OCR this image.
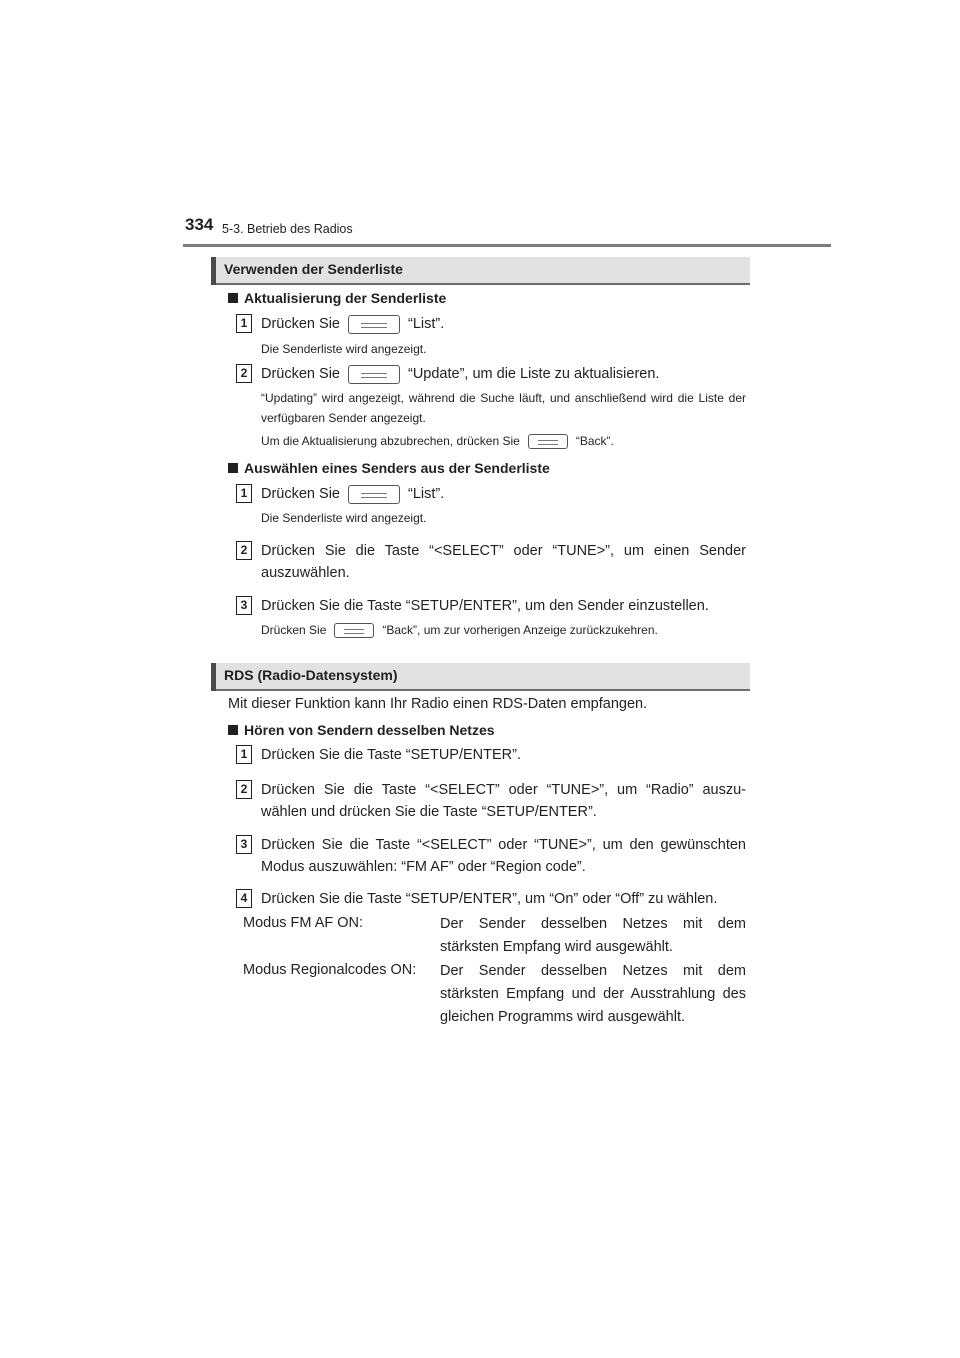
334 5-3. Betrieb des Radios
Verwenden der Senderliste
Aktualisierung der Senderliste
1 Drücken Sie	“List”.
Die Senderliste wird angezeigt.
2 Drücken Sie	“Update”, um die Liste zu aktualisieren.
“Updating” wird angezeigt, während die Suche läuft, und anschließend wird die Liste der verfügbaren Sender angezeigt.
Um die Aktualisierung abzubrechen, drücken Sie	“Back”.
Auswählen eines Senders aus der Senderliste
1 Drücken Sie	“List”.
Die Senderliste wird angezeigt.
2 Drücken Sie die Taste “<SELECT” oder “TUNE>”, um einen Sender auszuwählen.
3 Drücken Sie die Taste “SETUP/ENTER”, um den Sender einzustellen.
Drücken Sie	“Back”, um zur vorherigen Anzeige zurückzukehren.
RDS (Radio-Datensystem)
Mit dieser Funktion kann Ihr Radio einen RDS-Daten empfangen.
Hören von Sendern desselben Netzes
1 Drücken Sie die Taste “SETUP/ENTER”.
2 Drücken Sie die Taste “<SELECT” oder “TUNE>”, um “Radio” auszu-wählen und drücken Sie die Taste “SETUP/ENTER”.
3 Drücken Sie die Taste “<SELECT” oder “TUNE>”, um den gewünschten Modus auszuwählen: “FM AF” oder “Region code”.
4 Drücken Sie die Taste “SETUP/ENTER”, um “On” oder “Off” zu wählen.
Modus FM AF ON:	Der Sender desselben Netzes mit dem stärksten Empfang wird ausgewählt.
Modus Regionalcodes ON: Der Sender desselben Netzes mit dem stärksten Empfang und der Ausstrahlung des gleichen Programms wird ausgewählt.
